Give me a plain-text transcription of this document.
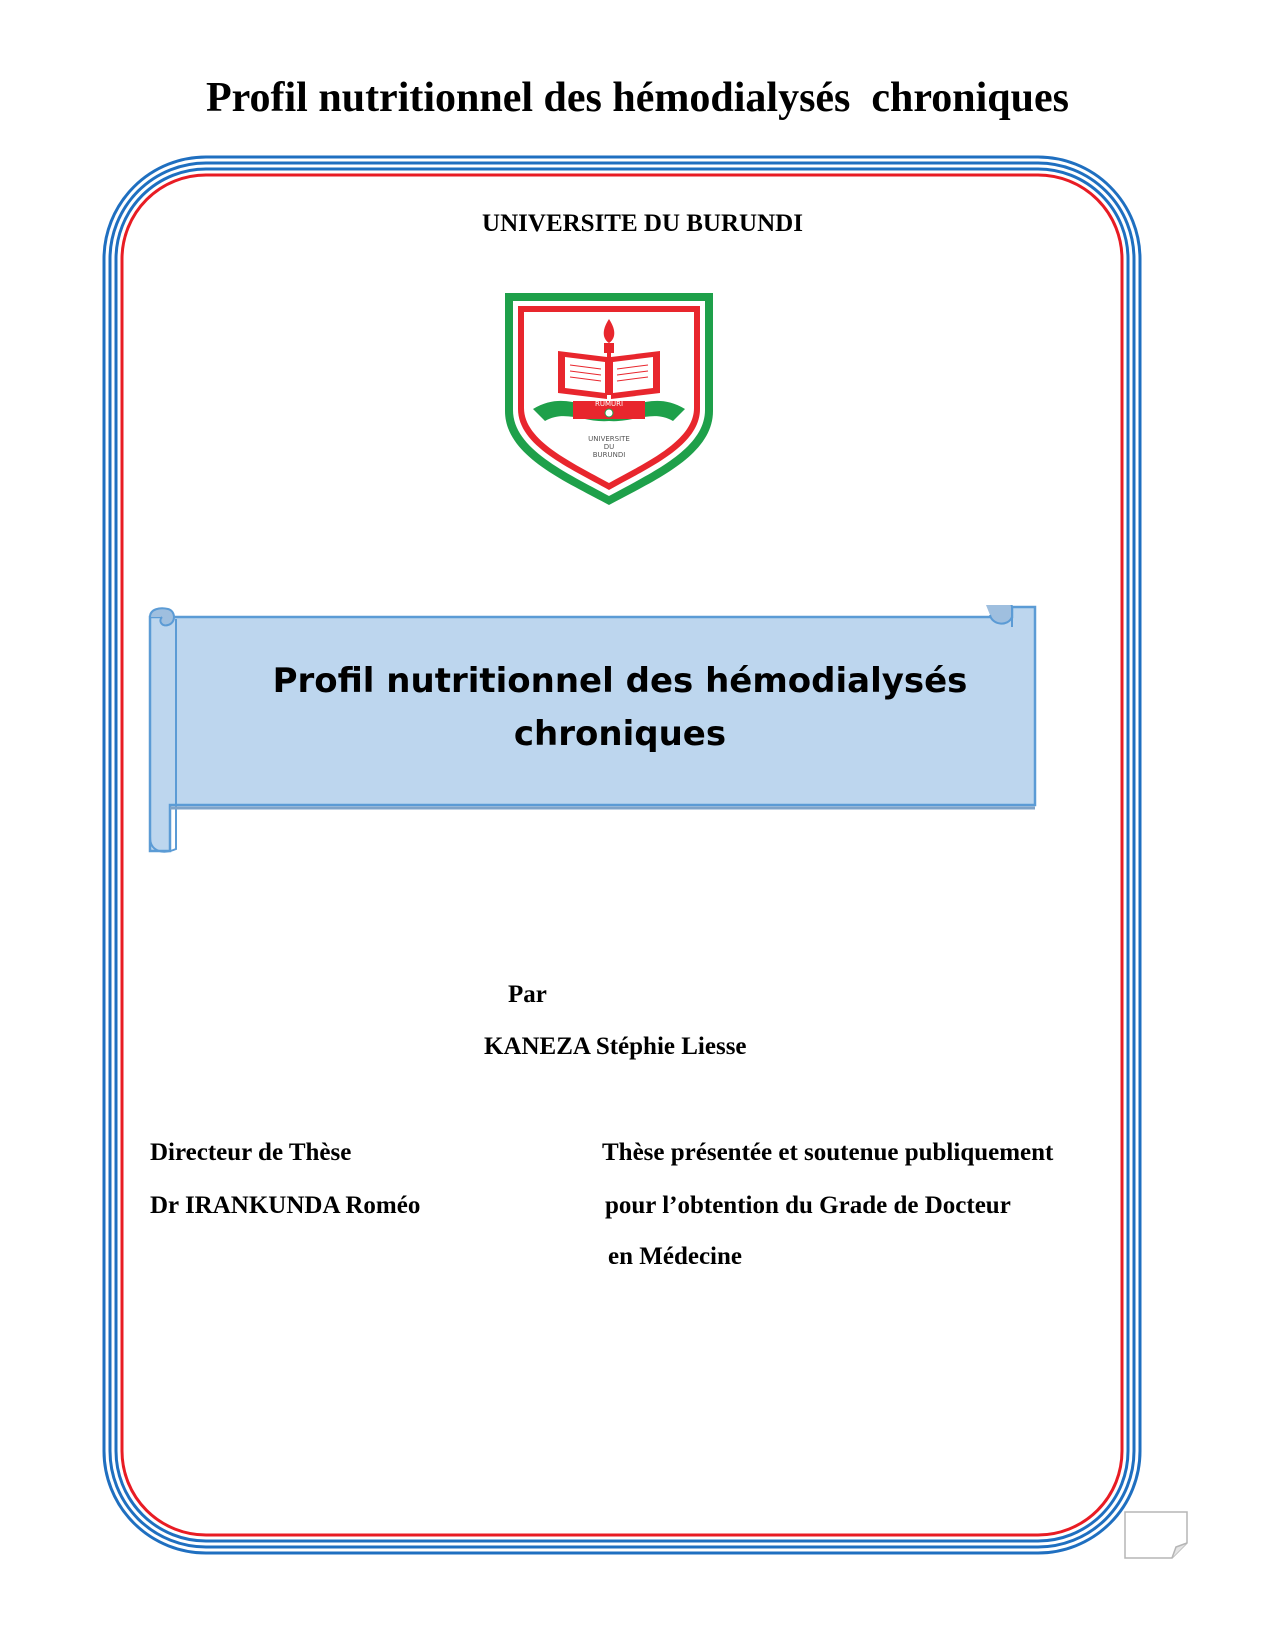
Profil nutritionnel des hémodialysés  chroniques
UNIVERSITE DU BURUNDI
RUMURI
UNIVERSITE
DU
BURUNDI
Profil nutritionnel des hémodialysés
chroniques
Par
KANEZA Stéphie Liesse
Directeur de Thèse
Dr IRANKUNDA Roméo
Thèse présentée et soutenue publiquement
pour l’obtention du Grade de Docteur
en Médecine
